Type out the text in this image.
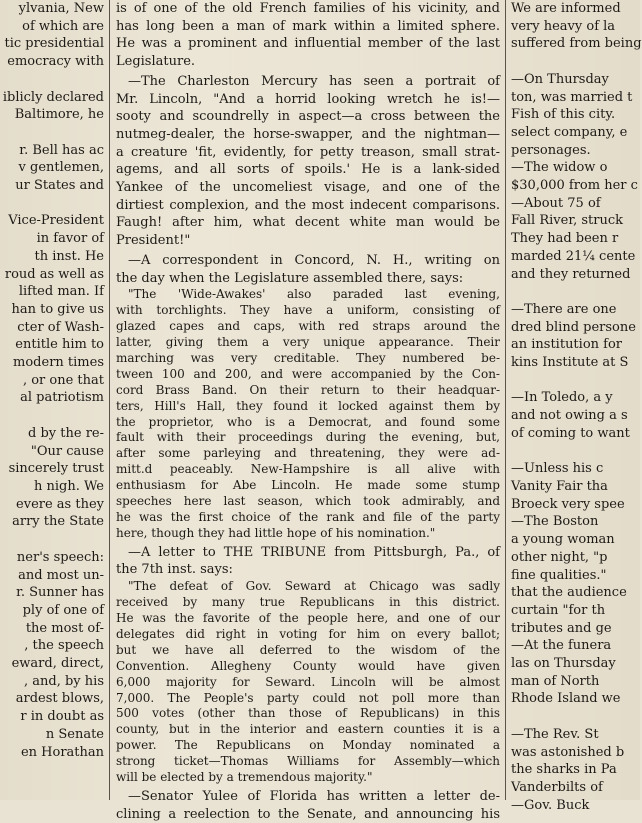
ylvania, New
of which are
tic presidential
emocracy with

iblicly declared
Baltimore, he

r. Bell has ac
v gentlemen,
ur States and

Vice-President
in favor of
th inst. He
roud as well as
lifted man. If
han to give us
cter of Wash-
entitle him to
modern times
, or one that
al patriotism

d by the re-
"Our cause
sincerely trust
h nigh. We
evere as they
arry the State

ner's speech:
and most un-
r. Sunner has
ply of one of
the most of-
, the speech
eward, direct,
, and, by his
ardest blows,
r in doubt as
n Senate
en Horathan
is of one of the old French families of his vicinity, and
has long been a man of mark within a limited sphere.
He was a prominent and influential member of the last
Legislature.
—The Charleston Mercury has seen a portrait of
Mr. Lincoln, "And a horrid looking wretch he is!—
sooty and scoundrelly in aspect—a cross between the
nutmeg-dealer, the horse-swapper, and the nightman—
a creature 'fit, evidently, for petty treason, small strat-
agems, and all sorts of spoils.' He is a lank-sided
Yankee of the uncomeliest visage, and one of the
dirtiest complexion, and the most indecent comparisons.
Faugh! after him, what decent white man would be
President!"
—A correspondent in Concord, N. H., writing on
the day when the Legislature assembled there, says:
"The 'Wide-Awakes' also paraded last evening,
with torchlights. They have a uniform, consisting of
glazed capes and caps, with red straps around the
latter, giving them a very unique appearance. Their
marching was very creditable. They numbered be-
tween 100 and 200, and were accompanied by the Con-
cord Brass Band. On their return to their headquar-
ters, Hill's Hall, they found it locked against them by
the proprietor, who is a Democrat, and found some
fault with their proceedings during the evening, but,
after some parleying and threatening, they were ad-
mitt.d peaceably. New-Hampshire is all alive with
enthusiasm for Abe Lincoln. He made some stump
speeches here last season, which took admirably, and
he was the first choice of the rank and file of the party
here, though they had little hope of his nomination."
—A letter to THE TRIBUNE from Pittsburgh, Pa., of
the 7th inst. says:
"The defeat of Gov. Seward at Chicago was sadly
received by many true Republicans in this district.
He was the favorite of the people here, and one of our
delegates did right in voting for him on every ballot;
but we have all deferred to the wisdom of the
Convention. Allegheny County would have given
6,000 majority for Seward. Lincoln will be almost
7,000. The People's party could not poll more than
500 votes (other than those of Republicans) in this
county, but in the interior and eastern counties it is a
power. The Republicans on Monday nominated a
strong ticket—Thomas Williams for Assembly—which
will be elected by a tremendous majority."
—Senator Yulee of Florida has written a letter de-
clining a reelection to the Senate, and announcing his
We are informed
very heavy of la
suffered from being

—On Thursday
ton, was married t
Fish of this city.
select company, e
personages.
—The widow o
$30,000 from her c
—About 75 of
Fall River, struck
They had been r
marded 21¼ cente
and they returned

—There are one
dred blind persone
an institution for
kins Institute at S

—In Toledo, a y
and not owing a s
of coming to want

—Unless his c
Vanity Fair tha
Broeck very spee
—The Boston
a young woman
other night, "p
fine qualities."
that the audience
curtain "for th
tributes and ge
—At the funera
las on Thursday
man of North
Rhode Island we

—The Rev. St
was astonished b
the sharks in Pa
Vanderbilts of
—Gov. Buck
